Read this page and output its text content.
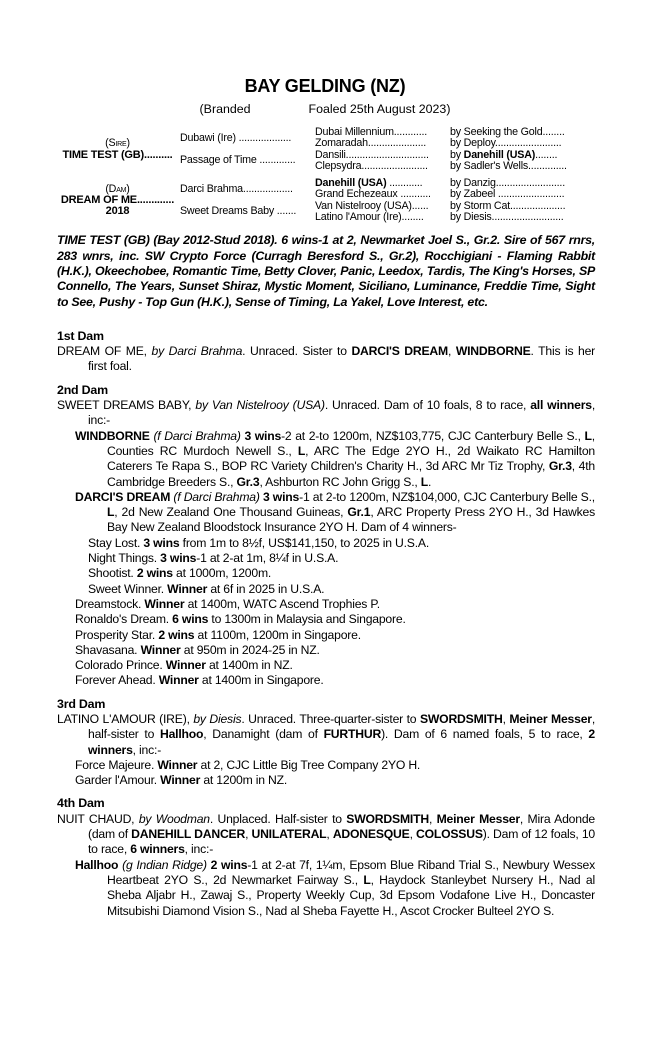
BAY GELDING (NZ)
(Branded	Foaled 25th August 2023)
(Sire)
TIME TEST (GB)..........
Dubawi (Ire) ...................
Passage of Time .............
Dubai Millennium............	by Seeking the Gold........
Zomaradah.....................	by Deploy........................
Dansili..............................	by Danehill (USA)........
Clepsydra........................	by Sadler's Wells..............
(Dam)
DREAM OF ME.............
2018
Darci Brahma..................
Sweet Dreams Baby .......
Danehill (USA) ............	by Danzig.........................
Grand Echezeaux ...........	by Zabeel ........................
Van Nistelrooy (USA)......	by Storm Cat....................
Latino l'Amour (Ire)........	by Diesis..........................
TIME TEST (GB) (Bay 2012-Stud 2018). 6 wins-1 at 2, Newmarket Joel S., Gr.2. Sire of 567 rnrs, 283 wnrs, inc. SW Crypto Force (Curragh Beresford S., Gr.2), Rocchigiani - Flaming Rabbit (H.K.), Okeechobee, Romantic Time, Betty Clover, Panic, Leedox, Tardis, The King's Horses, SP Connello, The Years, Sunset Shiraz, Mystic Moment, Siciliano, Luminance, Freddie Time, Sight to See, Pushy - Top Gun (H.K.), Sense of Timing, La Yakel, Love Interest, etc.
1st Dam

DREAM OF ME, by Darci Brahma. Unraced. Sister to DARCI'S DREAM, WINDBORNE. This is her first foal.

2nd Dam

SWEET DREAMS BABY, by Van Nistelrooy (USA). Unraced. Dam of 10 foals, 8 to race, all winners, inc:-

WINDBORNE (f Darci Brahma) 3 wins-2 at 2-to 1200m, NZ$103,775, CJC Canterbury Belle S., L, Counties RC Murdoch Newell S., L, ARC The Edge 2YO H., 2d Waikato RC Hamilton Caterers Te Rapa S., BOP RC Variety Children's Charity H., 3d ARC Mr Tiz Trophy, Gr.3, 4th Cambridge Breeders S., Gr.3, Ashburton RC John Grigg S., L.

DARCI'S DREAM (f Darci Brahma) 3 wins-1 at 2-to 1200m, NZ$104,000, CJC Canterbury Belle S., L, 2d New Zealand One Thousand Guineas, Gr.1, ARC Property Press 2YO H., 3d Hawkes Bay New Zealand Bloodstock Insurance 2YO H. Dam of 4 winners-

Stay Lost. 3 wins from 1m to 8½f, US$141,150, to 2025 in U.S.A.

Night Things. 3 wins-1 at 2-at 1m, 8¼f in U.S.A.

Shootist. 2 wins at 1000m, 1200m.

Sweet Winner. Winner at 6f in 2025 in U.S.A.

Dreamstock. Winner at 1400m, WATC Ascend Trophies P.

Ronaldo's Dream. 6 wins to 1300m in Malaysia and Singapore.

Prosperity Star. 2 wins at 1100m, 1200m in Singapore.

Shavasana. Winner at 950m in 2024-25 in NZ.

Colorado Prince. Winner at 1400m in NZ.

Forever Ahead. Winner at 1400m in Singapore.

3rd Dam

LATINO L'AMOUR (IRE), by Diesis. Unraced. Three-quarter-sister to SWORDSMITH, Meiner Messer, half-sister to Hallhoo, Danamight (dam of FURTHUR). Dam of 6 named foals, 5 to race, 2 winners, inc:-

Force Majeure. Winner at 2, CJC Little Big Tree Company 2YO H.

Garder l'Amour. Winner at 1200m in NZ.

4th Dam

NUIT CHAUD, by Woodman. Unplaced. Half-sister to SWORDSMITH, Meiner Messer, Mira Adonde (dam of DANEHILL DANCER, UNILATERAL, ADONESQUE, COLOSSUS). Dam of 12 foals, 10 to race, 6 winners, inc:-

Hallhoo (g Indian Ridge) 2 wins-1 at 2-at 7f, 1¼m, Epsom Blue Riband Trial S., Newbury Wessex Heartbeat 2YO S., 2d Newmarket Fairway S., L, Haydock Stanleybet Nursery H., Nad al Sheba Aljabr H., Zawaj S., Property Weekly Cup, 3d Epsom Vodafone Live H., Doncaster Mitsubishi Diamond Vision S., Nad al Sheba Fayette H., Ascot Crocker Bulteel 2YO S.
